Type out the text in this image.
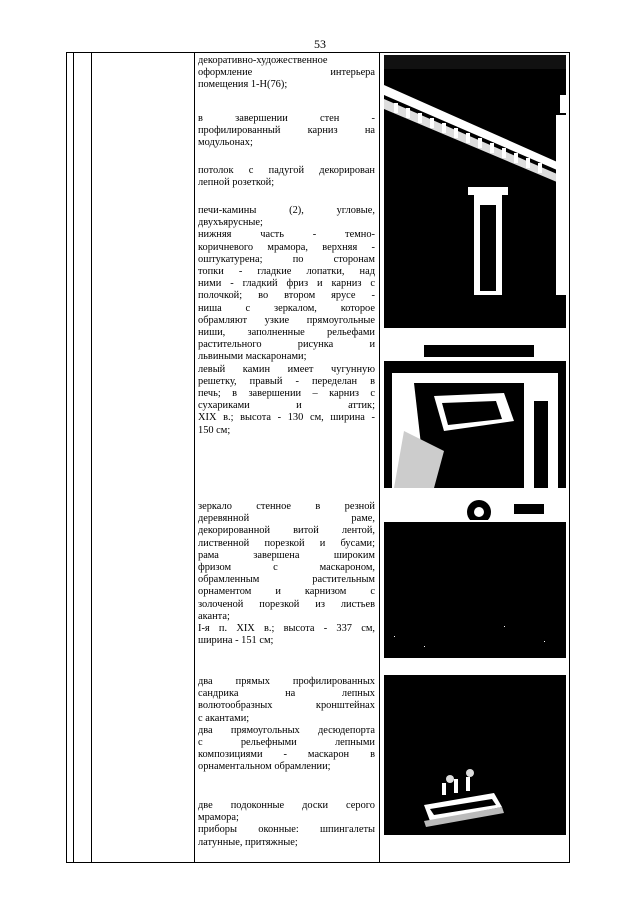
53
декоративно-художественное
оформление интерьера
помещения 1-Н(76);
в завершении стен -
профилированный карниз на
модульонах;
потолок с падугой декорирован
лепной розеткой;
печи-камины (2), угловые,
двухъярусные;
нижняя часть - темно-
коричневого мрамора, верхняя -
оштукатурена; по сторонам
топки - гладкие лопатки, над
ними - гладкий фриз и карниз с
полочкой; во втором ярусе -
ниша с зеркалом, которое
обрамляют узкие прямоугольные
ниши, заполненные рельефами
растительного рисунка и
львиными маскаронами;
левый камин имеет чугунную
решетку, правый - переделан в
печь; в завершении – карниз с
сухариками и аттик;
XIX в.; высота - 130 см, ширина -
150 см;
зеркало стенное в резной
деревянной раме,
декорированной витой лентой,
лиственной порезкой и бусами;
рама завершена широким
фризом с маскароном,
обрамленным растительным
орнаментом и карнизом с
золоченой порезкой из листьев
аканта;
I-я п. XIX в.; высота - 337 см,
ширина - 151 см;
два прямых профилированных
сандрика на лепных
волютообразных кронштейнах
с акантами;
два прямоугольных десюдепорта
с рельефными лепными
композициями - маскарон в
орнаментальном обрамлении;
две подоконные доски серого
мрамора;
приборы оконные: шпингалеты
латунные, притяжные;
